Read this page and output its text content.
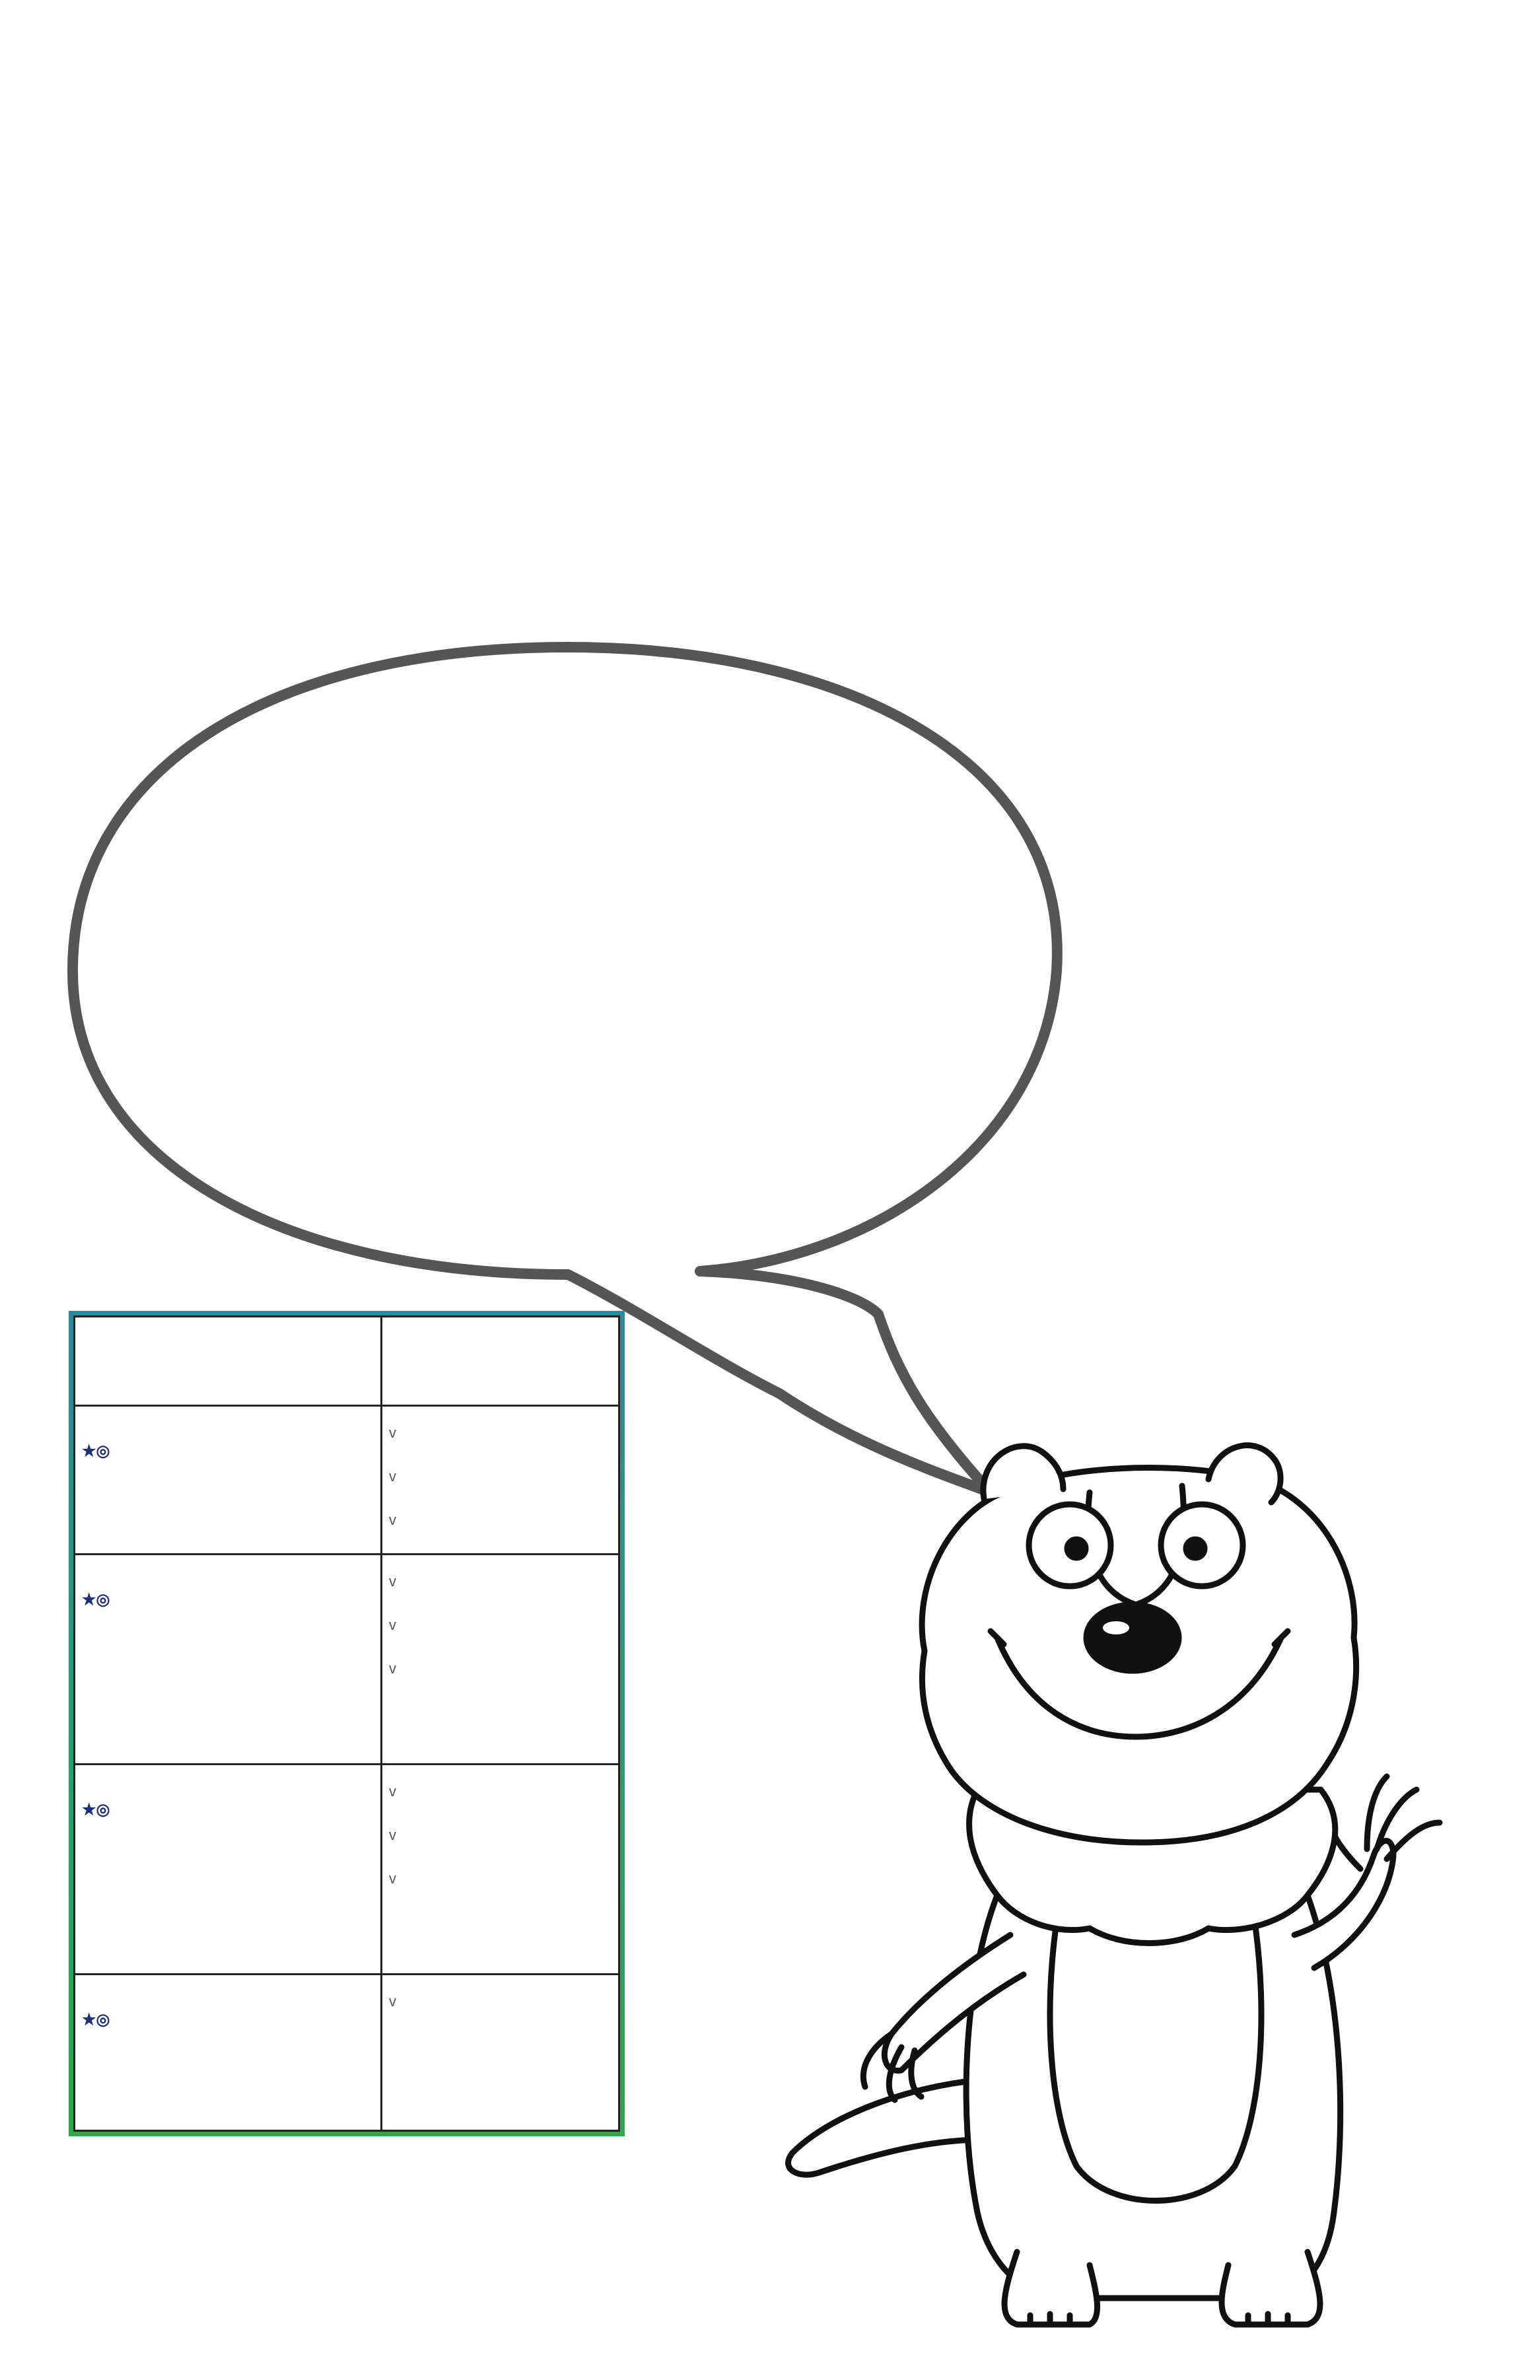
★◎	v
v
v

★◎	v
v
v

★◎	v
v
v

★◎	v
